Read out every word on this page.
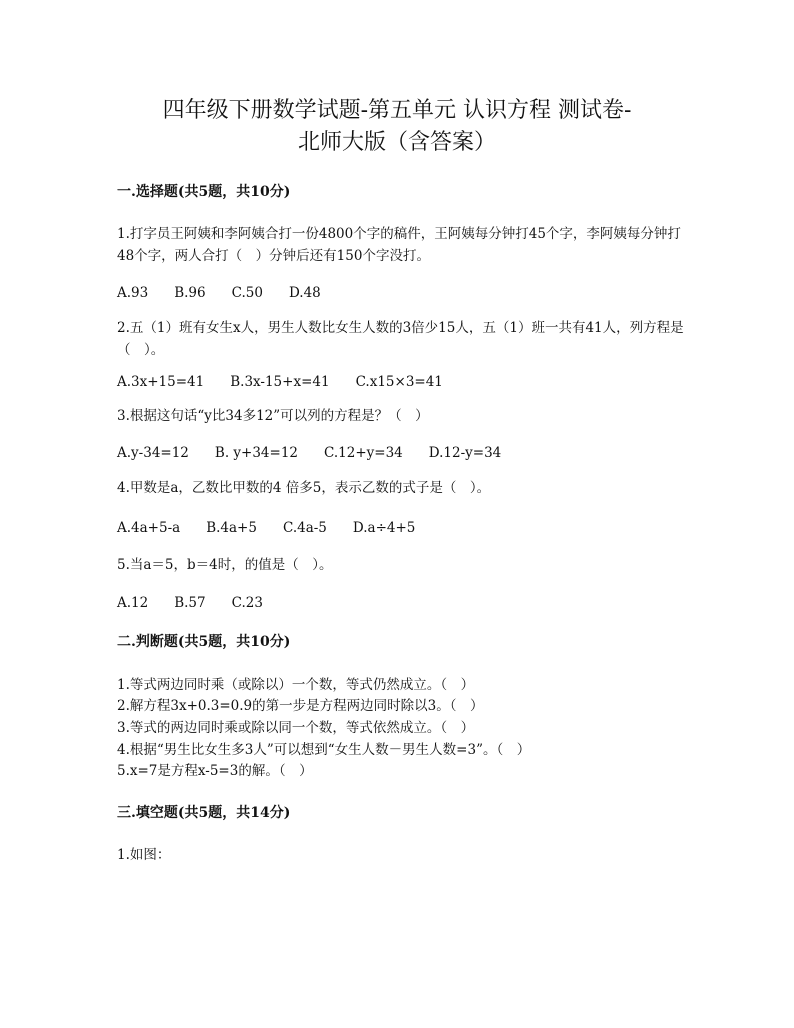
四年级下册数学试题-第五单元 认识方程 测试卷-
北师大版（含答案）
一.选择题(共5题，共10分)
1.打字员王阿姨和李阿姨合打一份4800个字的稿件，王阿姨每分钟打45个字，李阿姨每分钟打48个字，两人合打（　）分钟后还有150个字没打。
A.93 B.96 C.50 D.48
2.五（1）班有女生x人，男生人数比女生人数的3倍少15人，五（1）班一共有41人，列方程是（　）。
A.3x+15=41 B.3x-15+x=41 C.x15×3=41
3.根据这句话“y比34多12”可以列的方程是？（　）
A.y-34=12 B. y+34=12 C.12+y=34 D.12-y=34
4.甲数是a，乙数比甲数的4 倍多5，表示乙数的式子是（　）。
A.4a+5-a B.4a+5 C.4a-5 D.a÷4+5
5.当a＝5，b＝4时，的值是（　）。
A.12 B.57 C.23
二.判断题(共5题，共10分)
1.等式两边同时乘（或除以）一个数，等式仍然成立。（　）
2.解方程3x+0.3=0.9的第一步是方程两边同时除以3。（　）
3.等式的两边同时乘或除以同一个数，等式依然成立。（　）
4.根据“男生比女生多3人”可以想到“女生人数－男生人数=3”。（　）
5.x=7是方程x-5=3的解。（　）
三.填空题(共5题，共14分)
1.如图：
